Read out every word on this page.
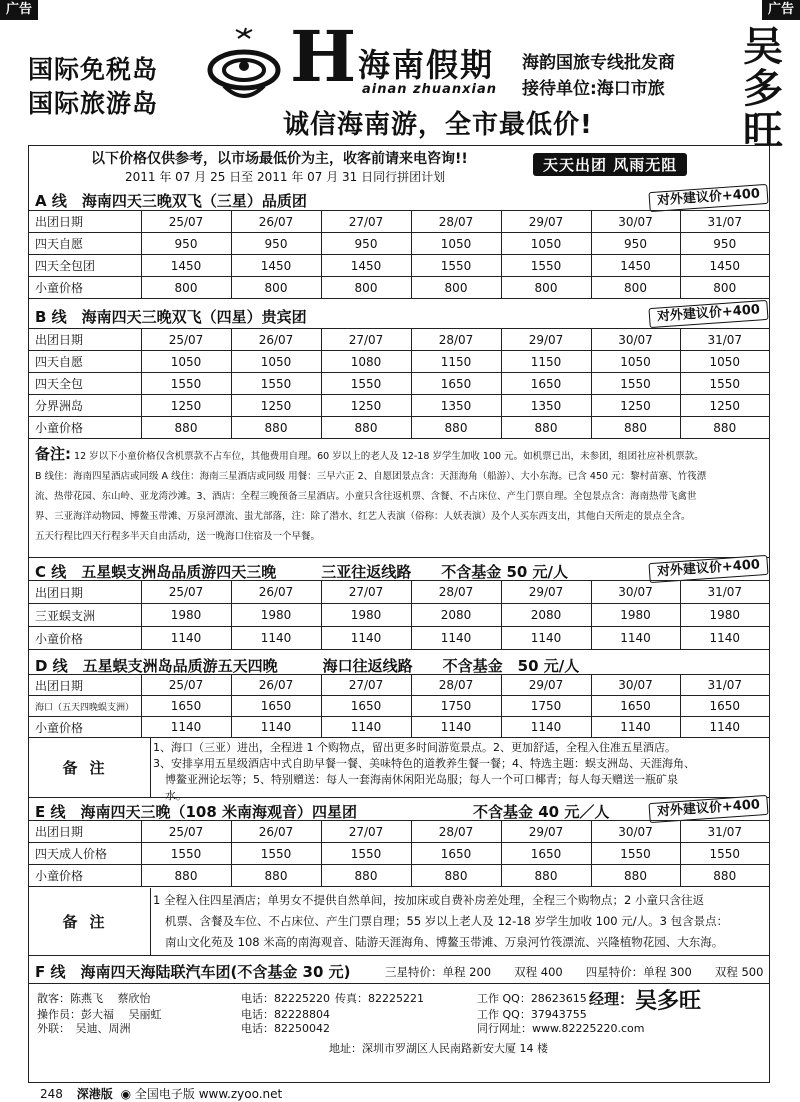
广告	广告
国际免税岛
国际旅游岛
H 海南假期
ainan zhuanxian
海韵国旅专线批发商
接待单位:海口市旅
吴
多
旺
诚信海南游，全市最低价!
以下价格仅供参考，以市场最低价为主，收客前请来电咨询!!
2011 年 07 月 25 日至 2011 年 07 月 31 日同行拼团计划
天天出团 风雨无阻
A 线　海南四天三晚双飞（三星）品质团	对外建议价+400
出团日期	25/07	26/07	27/07	28/07	29/07	30/07	31/07
四天自愿	950	950	950	1050	1050	950	950
四天全包团	1450	1450	1450	1550	1550	1450	1450
小童价格	800	800	800	800	800	800	800
B 线　海南四天三晚双飞（四星）贵宾团	对外建议价+400
出团日期	25/07	26/07	27/07	28/07	29/07	30/07	31/07
四天自愿	1050	1050	1080	1150	1150	1050	1050
四天全包	1550	1550	1550	1650	1650	1550	1550
分界洲岛	1250	1250	1250	1350	1350	1250	1250
小童价格	880	880	880	880	880	880	880
备注: 12 岁以下小童价格仅含机票款不占车位，其他费用自理。60 岁以上的老人及 12-18 岁学生加收 100 元。如机票已出，未参团，组团社应补机票款。
B 线住：海南四星酒店或同级 A 线住：海南三星酒店或同级 用餐：三早六正 2、自愿团景点含：天涯海角（船游）、大小东海。已含 450 元：黎村苗寨、竹筏漂
流、热带花园、东山岭、亚龙湾沙滩。3、酒店：全程三晚预备三星酒店。小童只含往返机票、含餐、不占床位、产生门票自理。全包景点含：海南热带飞禽世
界、三亚海洋动物园、博鳌玉带滩、万泉河漂流、蚩尤部落，注：除了潜水、红艺人表演（俗称：人妖表演）及个人买东西支出，其他白天所走的景点全含。
五天行程比四天行程多半天自由活动，送一晚海口住宿及一个早餐。
C 线　五星蜈支洲岛品质游四天三晚　　　三亚往返线路　　不含基金 50 元/人	对外建议价+400
出团日期	25/07	26/07	27/07	28/07	29/07	30/07	31/07
三亚蜈支洲	1980	1980	1980	2080	2080	1980	1980
小童价格	1140	1140	1140	1140	1140	1140	1140
D 线　五星蜈支洲岛品质游五天四晚　　　海口往返线路　　不含基金　50 元/人
出团日期	25/07	26/07	27/07	28/07	29/07	30/07	31/07
海口（五天四晚蜈支洲）	1650	1650	1650	1750	1750	1650	1650
小童价格	1140	1140	1140	1140	1140	1140	1140
备注
1、海口（三亚）进出，全程进 1 个购物点，留出更多时间游览景点。2、更加舒适，全程入住准五星酒店。
3、安排享用五星级酒店中式自助早餐一餐、美味特色的道教养生餐一餐；4、特选主题：蜈支洲岛、天涯海角、
博鳌亚洲论坛等；5、特别赠送：每人一套海南休闲阳光岛服；每人一个可口椰青；每人每天赠送一瓶矿泉
水。
E 线　海南四天三晚（108 米南海观音）四星团	不含基金 40 元／人	对外建议价+400
出团日期	25/07	26/07	27/07	28/07	29/07	30/07	31/07
四天成人价格	1550	1550	1550	1650	1650	1550	1550
小童价格	880	880	880	880	880	880	880
备注
1 全程入住四星酒店；单男女不提供自然单间，按加床或自费补房差处理，全程三个购物点；2 小童只含往返
机票、含餐及车位、不占床位、产生门票自理；55 岁以上老人及 12-18 岁学生加收 100 元/人。3 包含景点：
南山文化苑及 108 米高的南海观音、陆游天涯海角、博鳌玉带滩、万泉河竹筏漂流、兴隆植物花园、大东海。
F 线　海南四天海陆联汽车团(不含基金 30 元)	三星特价：单程 200　　双程 400　　四星特价：单程 300　　双程 500
散客：陈燕飞　 蔡欣怡	电话：82225220 传真：82225221	工作 QQ：28623615 经理： 吴多旺
操作员：彭大福　 吴丽虹	电话：82228804	工作 QQ：37943755
外联：　吴迪、周洲	电话：82250042	同行网址：www.82225220.com
地址：深圳市罗湖区人民南路新安大厦 14 楼
248 深港版 ◉ 全国电子版 www.zyoo.net
